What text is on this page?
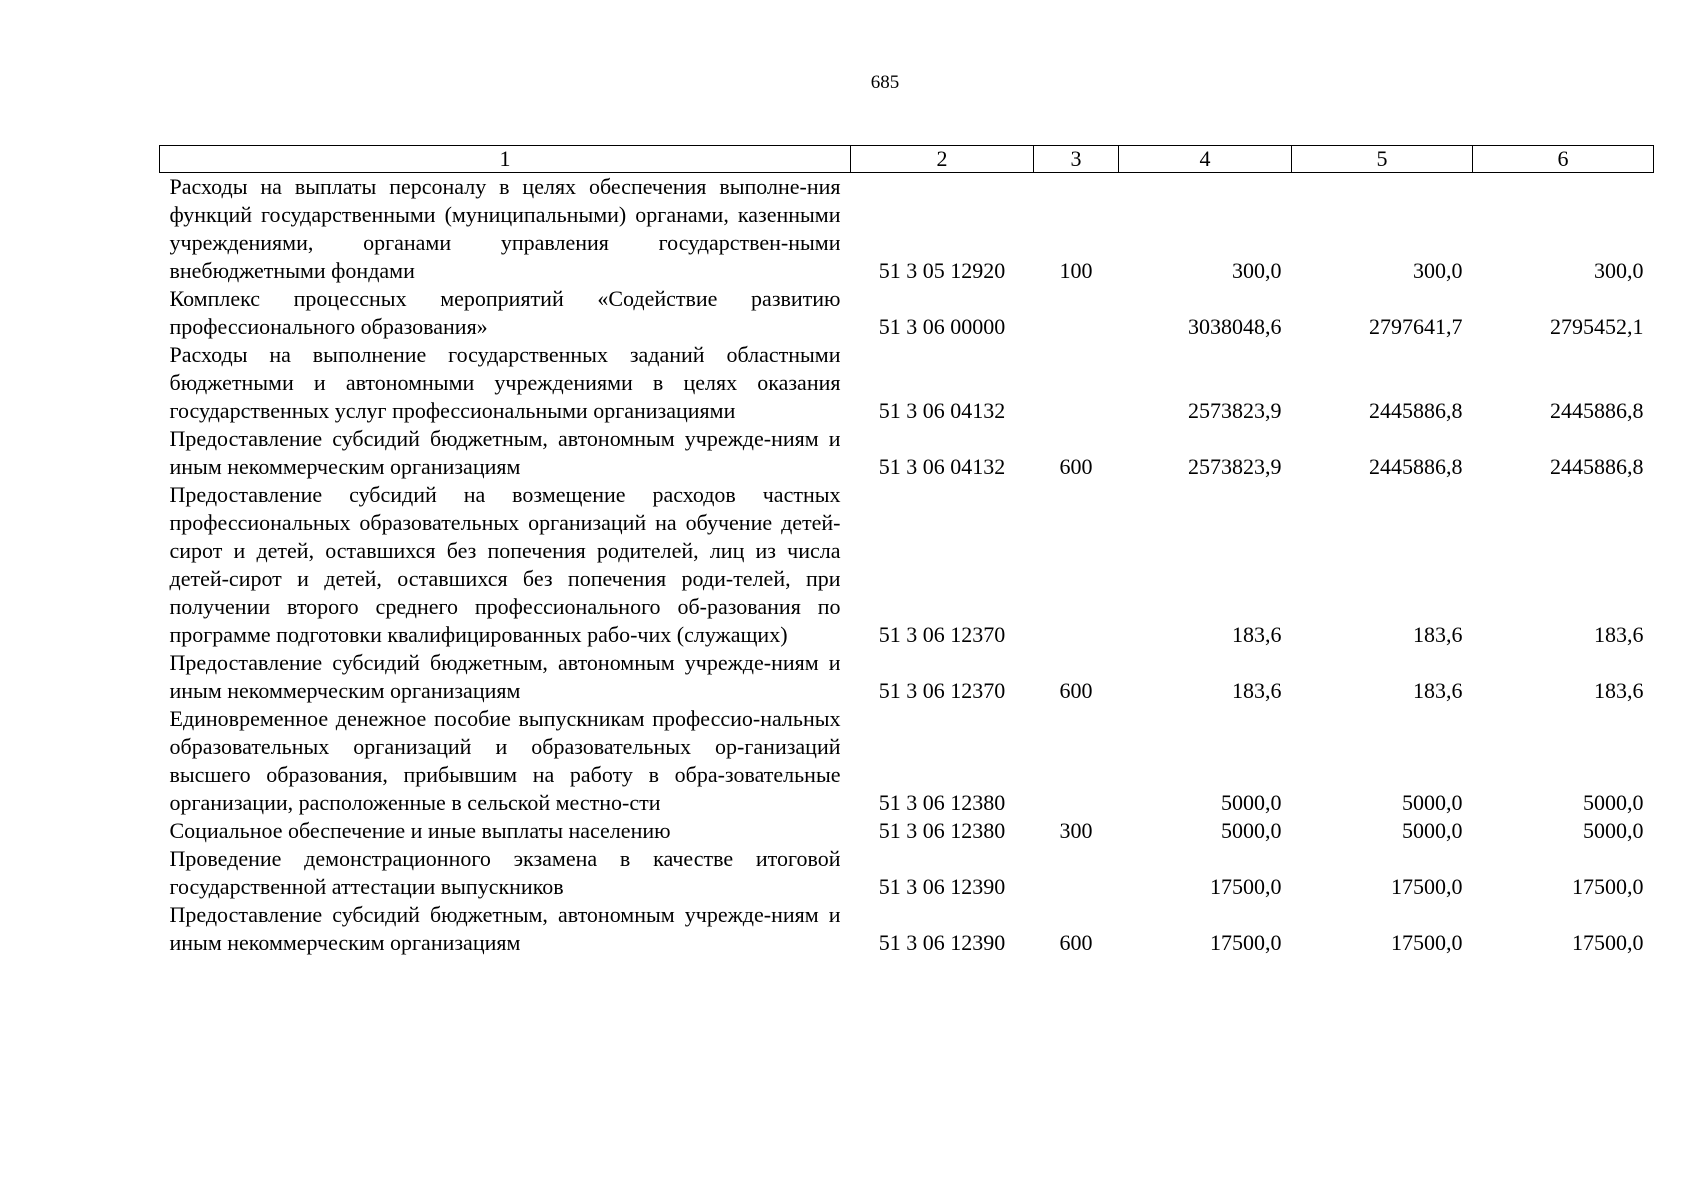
685
1	2	3	4	5	6
Расходы на выплаты персоналу в целях обеспечения выполне-ния функций государственными (муниципальными) органами, казенными учреждениями, органами управления государствен-ными внебюджетными фондами	51 3 05 12920	100	300,0	300,0	300,0
Комплекс процессных мероприятий «Содействие развитию профессионального образования»	51 3 06 00000		3038048,6	2797641,7	2795452,1
Расходы на выполнение государственных заданий областными бюджетными и автономными учреждениями в целях оказания государственных услуг профессиональными организациями	51 3 06 04132		2573823,9	2445886,8	2445886,8
Предоставление субсидий бюджетным, автономным учрежде-ниям и иным некоммерческим организациям	51 3 06 04132	600	2573823,9	2445886,8	2445886,8
Предоставление субсидий на возмещение расходов частных профессиональных образовательных организаций на обучение детей-сирот и детей, оставшихся без попечения родителей, лиц из числа детей-сирот и детей, оставшихся без попечения роди-телей, при получении второго среднего профессионального об-разования по программе подготовки квалифицированных рабо-чих (служащих)	51 3 06 12370		183,6	183,6	183,6
Предоставление субсидий бюджетным, автономным учрежде-ниям и иным некоммерческим организациям	51 3 06 12370	600	183,6	183,6	183,6
Единовременное денежное пособие выпускникам профессио-нальных образовательных организаций и образовательных ор-ганизаций высшего образования, прибывшим на работу в обра-зовательные организации, расположенные в сельской местно-сти	51 3 06 12380		5000,0	5000,0	5000,0
Социальное обеспечение и иные выплаты населению	51 3 06 12380	300	5000,0	5000,0	5000,0
Проведение демонстрационного экзамена в качестве итоговой государственной аттестации выпускников	51 3 06 12390		17500,0	17500,0	17500,0
Предоставление субсидий бюджетным, автономным учрежде-ниям и иным некоммерческим организациям	51 3 06 12390	600	17500,0	17500,0	17500,0
